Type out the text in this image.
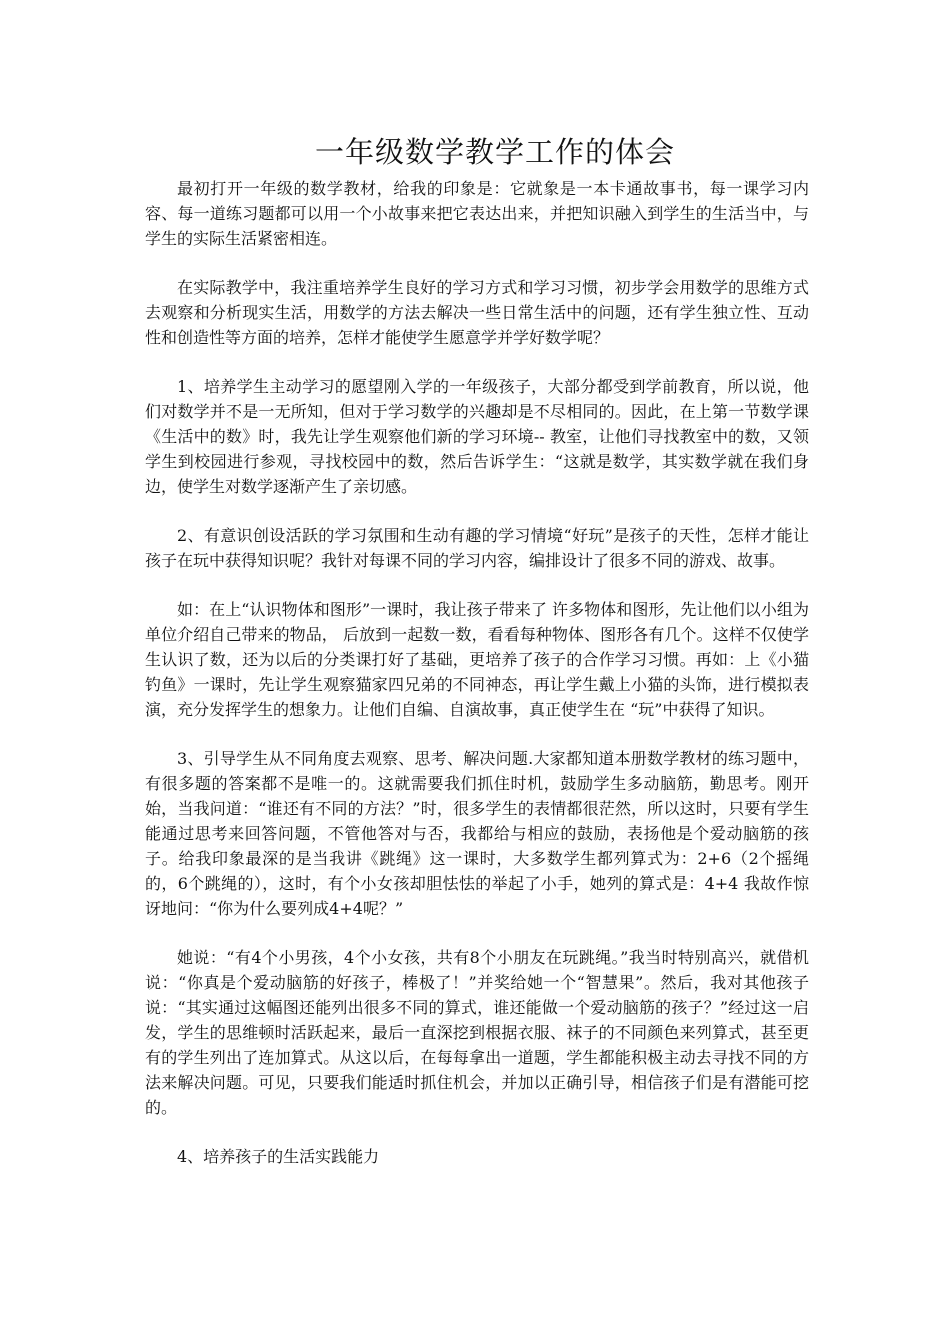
一年级数学教学工作的体会

最初打开一年级的数学教材，给我的印象是：它就象是一本卡通故事书，每一课学习内容、每一道练习题都可以用一个小故事来把它表达出来，并把知识融入到学生的生活当中，与学生的实际生活紧密相连。

在实际教学中，我注重培养学生良好的学习方式和学习习惯，初步学会用数学的思维方式去观察和分析现实生活，用数学的方法去解决一些日常生活中的问题，还有学生独立性、互动性和创造性等方面的培养，怎样才能使学生愿意学并学好数学呢？

1、培养学生主动学习的愿望刚入学的一年级孩子，大部分都受到学前教育，所以说，他们对数学并不是一无所知，但对于学习数学的兴趣却是不尽相同的。因此，在上第一节数学课《生活中的数》时，我先让学生观察他们新的学习环境-- 教室，让他们寻找教室中的数，又领学生到校园进行参观，寻找校园中的数，然后告诉学生：“这就是数学，其实数学就在我们身边，使学生对数学逐渐产生了亲切感。

2、有意识创设活跃的学习氛围和生动有趣的学习情境“好玩”是孩子的天性，怎样才能让孩子在玩中获得知识呢？我针对每课不同的学习内容，编排设计了很多不同的游戏、故事。

如：在上“认识物体和图形”一课时，我让孩子带来了 许多物体和图形，先让他们以小组为单位介绍自己带来的物品， 后放到一起数一数，看看每种物体、图形各有几个。这样不仅使学生认识了数，还为以后的分类课打好了基础，更培养了孩子的合作学习习惯。再如：上《小猫钓鱼》一课时，先让学生观察猫家四兄弟的不同神态，再让学生戴上小猫的头饰，进行模拟表演，充分发挥学生的想象力。让他们自编、自演故事，真正使学生在 “玩”中获得了知识。

3、引导学生从不同角度去观察、思考、解决问题.大家都知道本册数学教材的练习题中，有很多题的答案都不是唯一的。这就需要我们抓住时机，鼓励学生多动脑筋，勤思考。刚开始，当我问道：“谁还有不同的方法？”时，很多学生的表情都很茫然，所以这时，只要有学生能通过思考来回答问题，不管他答对与否，我都给与相应的鼓励，表扬他是个爱动脑筋的孩子。给我印象最深的是当我讲《跳绳》这一课时，大多数学生都列算式为：2+6（2个摇绳的，6个跳绳的），这时，有个小女孩却胆怯怯的举起了小手，她列的算式是：4+4 我故作惊讶地问：“你为什么要列成4+4呢？”

她说：“有4个小男孩，4个小女孩，共有8个小朋友在玩跳绳。”我当时特别高兴，就借机说：“你真是个爱动脑筋的好孩子，棒极了！”并奖给她一个“智慧果”。然后，我对其他孩子说：“其实通过这幅图还能列出很多不同的算式，谁还能做一个爱动脑筋的孩子？”经过这一启发，学生的思维顿时活跃起来，最后一直深挖到根据衣服、袜子的不同颜色来列算式，甚至更有的学生列出了连加算式。从这以后，在每每拿出一道题，学生都能积极主动去寻找不同的方法来解决问题。可见，只要我们能适时抓住机会，并加以正确引导，相信孩子们是有潜能可挖的。

4、培养孩子的生活实践能力
